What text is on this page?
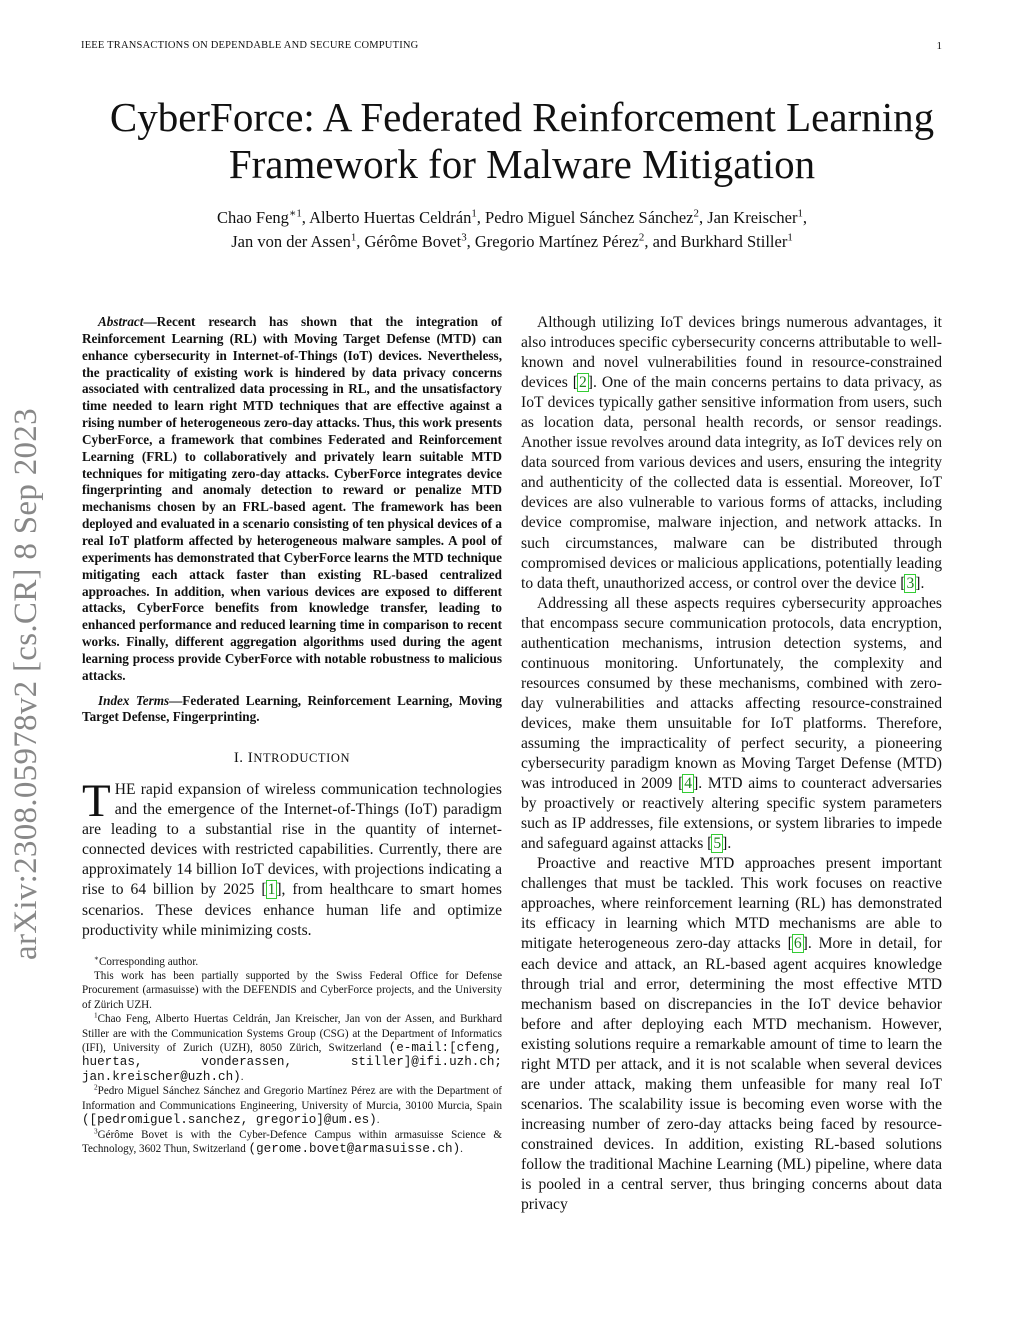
IEEE TRANSACTIONS ON DEPENDABLE AND SECURE COMPUTING	1
CyberForce: A Federated Reinforcement Learning
Framework for Malware Mitigation
Chao Feng$^{∗1}$, Alberto Huertas Celdrán$^1$, Pedro Miguel Sánchez Sánchez$^2$, Jan Kreischer$^1$,
Jan von der Assen$^1$, Gérôme Bovet$^3$, Gregorio Martínez Pérez$^2$, and Burkhard Stiller$^1$
arXiv:2308.05978v2 [cs.CR] 8 Sep 2023

Abstract—Recent research has shown that the integration of Reinforcement Learning (RL) with Moving Target Defense (MTD) can enhance cybersecurity in Internet-of-Things (IoT) devices. Nevertheless, the practicality of existing work is hindered by data privacy concerns associated with centralized data processing in RL, and the unsatisfactory time needed to learn right MTD techniques that are effective against a rising number of heterogeneous zero-day attacks. Thus, this work presents CyberForce, a framework that combines Federated and Reinforcement Learning (FRL) to collaboratively and privately learn suitable MTD techniques for mitigating zero-day attacks. CyberForce integrates device fingerprinting and anomaly detection to reward or penalize MTD mechanisms chosen by an FRL-based agent. The framework has been deployed and evaluated in a scenario consisting of ten physical devices of a real IoT platform affected by heterogeneous malware samples. A pool of experiments has demonstrated that CyberForce learns the MTD technique mitigating each attack faster than existing RL-based centralized approaches. In addition, when various devices are exposed to different attacks, CyberForce benefits from knowledge transfer, leading to enhanced performance and reduced learning time in comparison to recent works. Finally, different aggregation algorithms used during the agent learning process provide CyberForce with notable robustness to malicious attacks.

Index Terms—Federated Learning, Reinforcement Learning, Moving Target Defense, Fingerprinting.

I. INTRODUCTION

THE rapid expansion of wireless communication technologies and the emergence of the Internet-of-Things (IoT) paradigm are leading to a substantial rise in the quantity of internet-connected devices with restricted capabilities. Currently, there are approximately 14 billion IoT devices, with projections indicating a rise to 64 billion by 2025 [1], from healthcare to smart homes scenarios. These devices enhance human life and optimize productivity while minimizing costs.

∗Corresponding author.

This work has been partially supported by the Swiss Federal Office for Defense Procurement (armasuisse) with the DEFENDIS and CyberForce projects, and the University of Zürich UZH.

$^1$Chao Feng, Alberto Huertas Celdrán, Jan Kreischer, Jan von der Assen, and Burkhard Stiller are with the Communication Systems Group (CSG) at the Department of Informatics (IFI), University of Zurich (UZH), 8050 Zürich, Switzerland (e-mail:[cfeng, huertas, vonderassen, stiller]@ifi.uzh.ch; jan.kreischer@uzh.ch).

$^2$Pedro Miguel Sánchez Sánchez and Gregorio Martínez Pérez are with the Department of Information and Communications Engineering, University of Murcia, 30100 Murcia, Spain ([pedromiguel.sanchez, gregorio]@um.es).

$^3$Gérôme Bovet is with the Cyber-Defence Campus within armasuisse Science & Technology, 3602 Thun, Switzerland (gerome.bovet@armasuisse.ch).

Although utilizing IoT devices brings numerous advantages, it also introduces specific cybersecurity concerns attributable to well-known and novel vulnerabilities found in resource-constrained devices [2]. One of the main concerns pertains to data privacy, as IoT devices typically gather sensitive information from users, such as location data, personal health records, or sensor readings. Another issue revolves around data integrity, as IoT devices rely on data sourced from various devices and users, ensuring the integrity and authenticity of the collected data is essential. Moreover, IoT devices are also vulnerable to various forms of attacks, including device compromise, malware injection, and network attacks. In such circumstances, malware can be distributed through compromised devices or malicious applications, potentially leading to data theft, unauthorized access, or control over the device [3].

Addressing all these aspects requires cybersecurity approaches that encompass secure communication protocols, data encryption, authentication mechanisms, intrusion detection systems, and continuous monitoring. Unfortunately, the complexity and resources consumed by these mechanisms, combined with zero-day vulnerabilities and attacks affecting resource-constrained devices, make them unsuitable for IoT platforms. Therefore, assuming the impracticality of perfect security, a pioneering cybersecurity paradigm known as Moving Target Defense (MTD) was introduced in 2009 [4]. MTD aims to counteract adversaries by proactively or reactively altering specific system parameters such as IP addresses, file extensions, or system libraries to impede and safeguard against attacks [5].

Proactive and reactive MTD approaches present important challenges that must be tackled. This work focuses on reactive approaches, where reinforcement learning (RL) has demonstrated its efficacy in learning which MTD mechanisms are able to mitigate heterogeneous zero-day attacks [6]. More in detail, for each device and attack, an RL-based agent acquires knowledge through trial and error, determining the most effective MTD mechanism based on discrepancies in the IoT device behavior before and after deploying each MTD mechanism. However, existing solutions require a remarkable amount of time to learn the right MTD per attack, and it is not scalable when several devices are under attack, making them unfeasible for many real IoT scenarios. The scalability issue is becoming even worse with the increasing number of zero-day attacks being faced by resource-constrained devices. In addition, existing RL-based solutions follow the traditional Machine Learning (ML) pipeline, where data is pooled in a central server, thus bringing concerns about data privacy
